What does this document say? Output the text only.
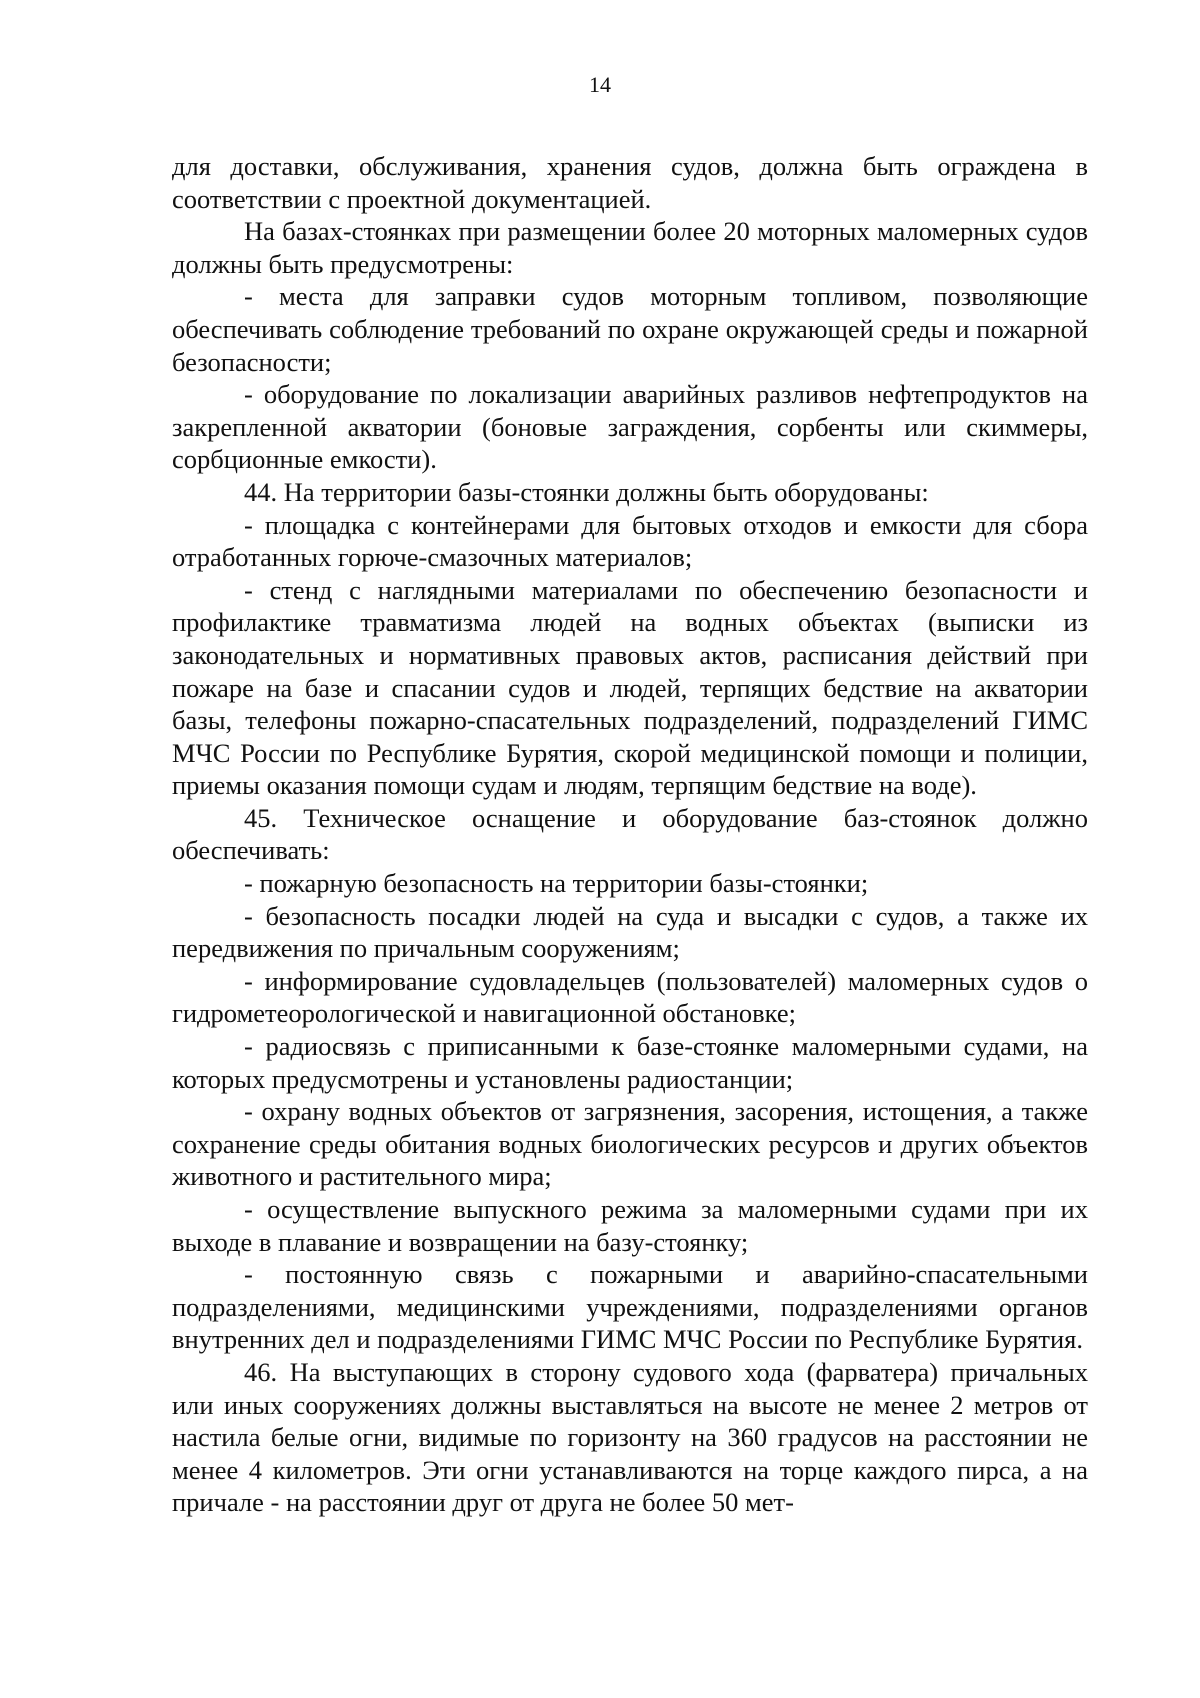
14

для доставки, обслуживания, хранения судов, должна быть ограждена в соответствии с проектной документацией.

На базах-стоянках при размещении более 20 моторных маломерных судов должны быть предусмотрены:

- места для заправки судов моторным топливом, позволяющие обеспечивать соблюдение требований по охране окружающей среды и пожарной безопасности;

- оборудование по локализации аварийных разливов нефтепродуктов на закрепленной акватории (боновые заграждения, сорбенты или скиммеры, сорбционные емкости).

44. На территории базы-стоянки должны быть оборудованы:

- площадка с контейнерами для бытовых отходов и емкости для сбора отработанных горюче-смазочных материалов;

- стенд с наглядными материалами по обеспечению безопасности и профилактике травматизма людей на водных объектах (выписки из законодательных и нормативных правовых актов, расписания действий при пожаре на базе и спасании судов и людей, терпящих бедствие на акватории базы, телефоны пожарно-спасательных подразделений, подразделений ГИМС МЧС России по Республике Бурятия, скорой медицинской помощи и полиции, приемы оказания помощи судам и людям, терпящим бедствие на воде).

45. Техническое оснащение и оборудование баз-стоянок должно обеспечивать:

- пожарную безопасность на территории базы-стоянки;

- безопасность посадки людей на суда и высадки с судов, а также их передвижения по причальным сооружениям;

- информирование судовладельцев (пользователей) маломерных судов о гидрометеорологической и навигационной обстановке;

- радиосвязь с приписанными к базе-стоянке маломерными судами, на которых предусмотрены и установлены радиостанции;

- охрану водных объектов от загрязнения, засорения, истощения, а также сохранение среды обитания водных биологических ресурсов и других объектов животного и растительного мира;

- осуществление выпускного режима за маломерными судами при их выходе в плавание и возвращении на базу-стоянку;

- постоянную связь с пожарными и аварийно-спасательными подразделениями, медицинскими учреждениями, подразделениями органов внутренних дел и подразделениями ГИМС МЧС России по Республике Бурятия.

46. На выступающих в сторону судового хода (фарватера) причальных или иных сооружениях должны выставляться на высоте не менее 2 метров от настила белые огни, видимые по горизонту на 360 градусов на расстоянии не менее 4 километров. Эти огни устанавливаются на торце каждого пирса, а на причале - на расстоянии друг от друга не более 50 мет-
